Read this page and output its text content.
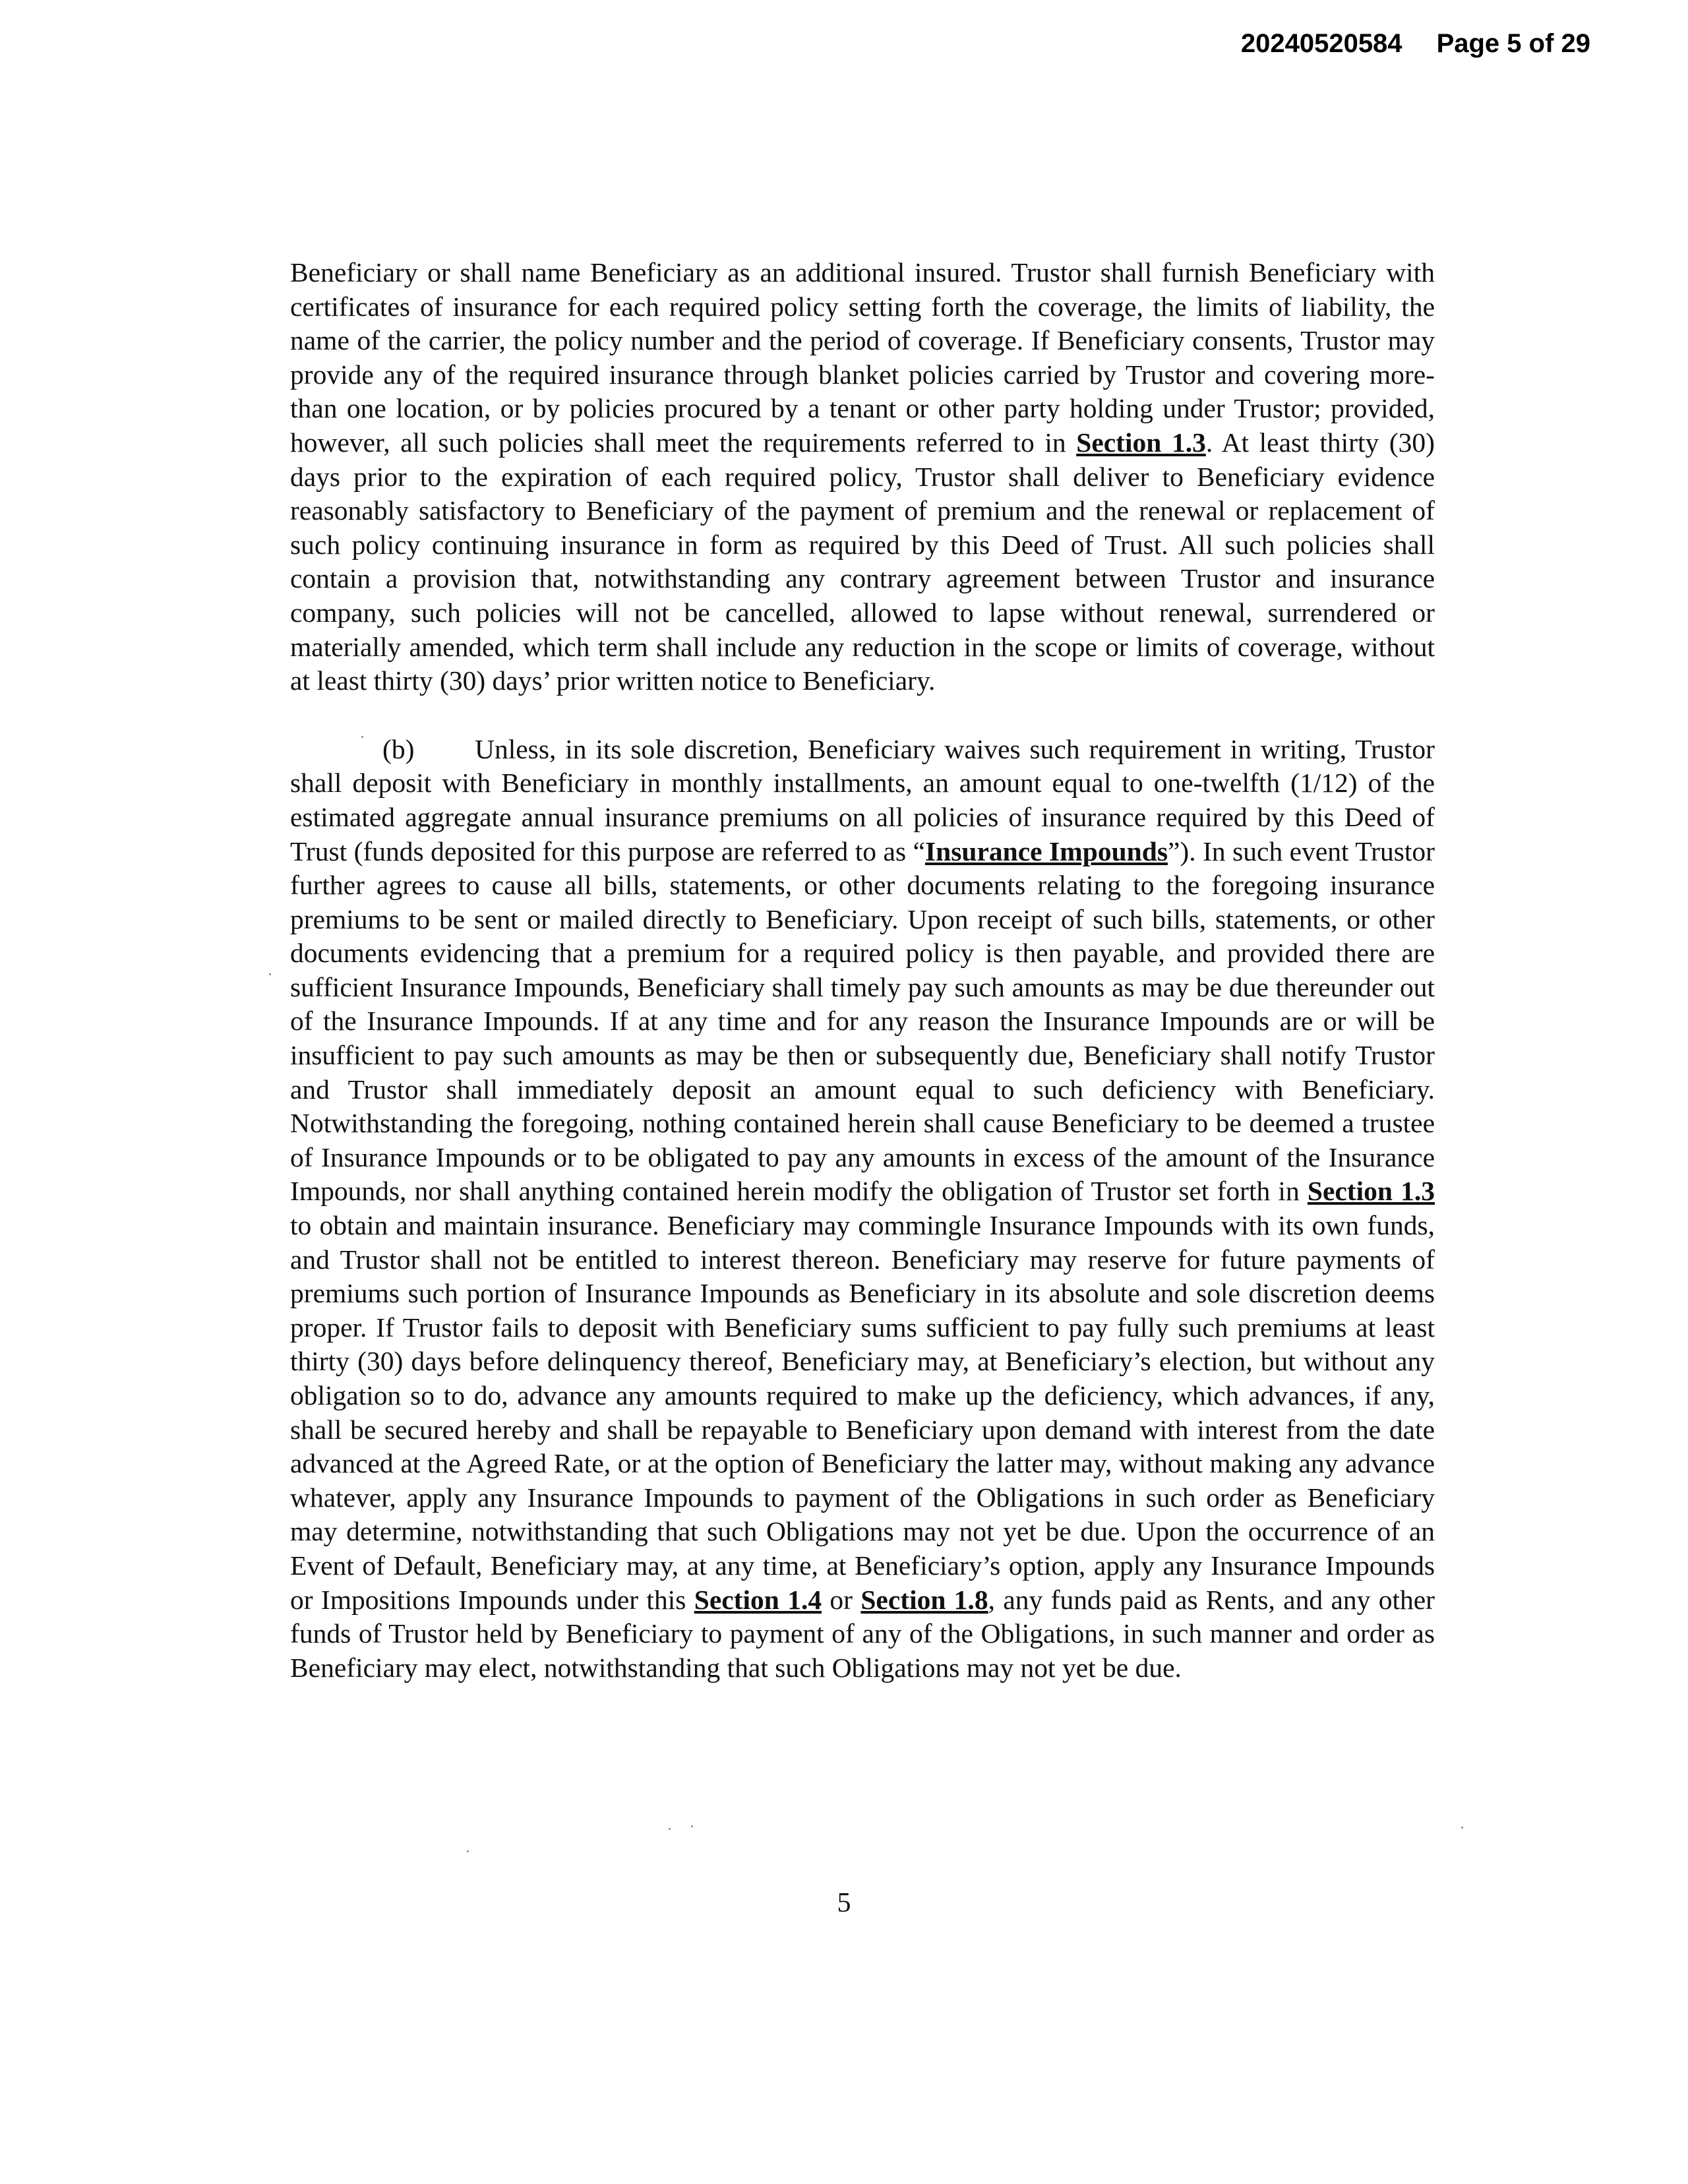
20240520584 Page 5 of 29

Beneficiary or shall name Beneficiary as an additional insured. Trustor shall furnish Beneficiary with certificates of insurance for each required policy setting forth the coverage, the limits of liability, the name of the carrier, the policy number and the period of coverage. If Beneficiary consents, Trustor may provide any of the required insurance through blanket policies carried by Trustor and covering more-than one location, or by policies procured by a tenant or other party holding under Trustor; provided, however, all such policies shall meet the requirements referred to in Section 1.3. At least thirty (30) days prior to the expiration of each required policy, Trustor shall deliver to Beneficiary evidence reasonably satisfactory to Beneficiary of the payment of premium and the renewal or replacement of such policy continuing insurance in form as required by this Deed of Trust. All such policies shall contain a provision that, notwithstanding any contrary agreement between Trustor and insurance company, such policies will not be cancelled, allowed to lapse without renewal, surrendered or materially amended, which term shall include any reduction in the scope or limits of coverage, without at least thirty (30) days’ prior written notice to Beneficiary.

(b) Unless, in its sole discretion, Beneficiary waives such requirement in writing, Trustor shall deposit with Beneficiary in monthly installments, an amount equal to one-twelfth (1/12) of the estimated aggregate annual insurance premiums on all policies of insurance required by this Deed of Trust (funds deposited for this purpose are referred to as “Insurance Impounds”). In such event Trustor further agrees to cause all bills, statements, or other documents relating to the foregoing insurance premiums to be sent or mailed directly to Beneficiary. Upon receipt of such bills, statements, or other documents evidencing that a premium for a required policy is then payable, and provided there are sufficient Insurance Impounds, Beneficiary shall timely pay such amounts as may be due thereunder out of the Insurance Impounds. If at any time and for any reason the Insurance Impounds are or will be insufficient to pay such amounts as may be then or subsequently due, Beneficiary shall notify Trustor and Trustor shall immediately deposit an amount equal to such deficiency with Beneficiary. Notwithstanding the foregoing, nothing contained herein shall cause Beneficiary to be deemed a trustee of Insurance Impounds or to be obligated to pay any amounts in excess of the amount of the Insurance Impounds, nor shall anything contained herein modify the obligation of Trustor set forth in Section 1.3 to obtain and maintain insurance. Beneficiary may commingle Insurance Impounds with its own funds, and Trustor shall not be entitled to interest thereon. Beneficiary may reserve for future payments of premiums such portion of Insurance Impounds as Beneficiary in its absolute and sole discretion deems proper. If Trustor fails to deposit with Beneficiary sums sufficient to pay fully such premiums at least thirty (30) days before delinquency thereof, Beneficiary may, at Beneficiary’s election, but without any obligation so to do, advance any amounts required to make up the deficiency, which advances, if any, shall be secured hereby and shall be repayable to Beneficiary upon demand with interest from the date advanced at the Agreed Rate, or at the option of Beneficiary the latter may, without making any advance whatever, apply any Insurance Impounds to payment of the Obligations in such order as Beneficiary may determine, notwithstanding that such Obligations may not yet be due. Upon the occurrence of an Event of Default, Beneficiary may, at any time, at Beneficiary’s option, apply any Insurance Impounds or Impositions Impounds under this Section 1.4 or Section 1.8, any funds paid as Rents, and any other funds of Trustor held by Beneficiary to payment of any of the Obligations, in such manner and order as Beneficiary may elect, notwithstanding that such Obligations may not yet be due.

5
